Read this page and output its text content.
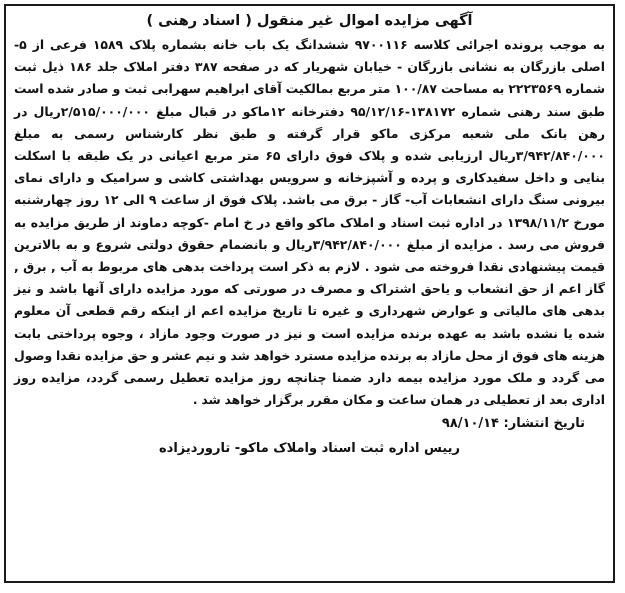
آگهی مزایده اموال غیر منقول ( اسناد رهنی )

به موجب پرونده اجرائی کلاسه ۹۷۰۰۱۱۶ ششدانگ یک باب خانه بشماره پلاک ۱۵۸۹ فرعی از ۵- اصلی بازرگان به نشانی بازرگان - خیابان شهریار که در صفحه ۳۸۷ دفتر املاک جلد ۱۸۶ ذیل ثبت شماره ۲۲۲۳۵۶۹ به مساحت ۱۰۰/۸۷ متر مربع بمالکیت آقای ابراهیم سهرابی ثبت و صادر شده است طبق سند رهنی شماره ۱۳۸۱۷۲-۹۵/۱۲/۱۶ دفترخانه ۱۲ماکو در قبال مبلغ ۲/۵۱۵/۰۰۰/۰۰۰ریال در رهن بانک ملی شعبه مرکزی ماکو قرار گرفته و طبق نظر کارشناس رسمی به مبلغ ۳/۹۴۲/۸۴۰/۰۰۰ریال ارزیابی شده و پلاک فوق دارای ۶۵ متر مربع اعیانی در یک طبقه با اسکلت بنایی و داخل سفیدکاری و پرده و آشپزخانه و سرویس بهداشتی کاشی و سرامیک و دارای نمای بیرونی سنگ دارای انشعابات آب- گاز - برق می باشد. پلاک فوق از ساعت ۹ الی ۱۲ روز چهارشنبه مورخ ۱۳۹۸/۱۱/۲ در اداره ثبت اسناد و املاک ماکو واقع در خ امام -کوچه دماوند از طریق مزایده به فروش می رسد . مزایده از مبلغ ۳/۹۴۲/۸۴۰/۰۰۰ریال و بانضمام حقوق دولتی شروع و به بالاترین قیمت پیشنهادی نقدا فروخته می شود . لازم به ذکر است پرداخت بدهی های مربوط به آب , برق , گاز اعم از حق انشعاب و یاحق اشتراک و مصرف در صورتی که مورد مزایده دارای آنها باشد و نیز بدهی های مالیاتی و عوارض شهرداری و غیره تا تاریخ مزایده اعم از اینکه رقم قطعی آن معلوم شده یا نشده باشد به عهده برنده مزایده است و نیز در صورت وجود مازاد ، وجوه پرداختی بابت هزینه های فوق از محل مازاد به برنده مزایده مسترد خواهد شد و نیم عشر و حق مزایده نقدا وصول می گردد و ملک مورد مزایده بیمه دارد ضمنا چنانچه روز مزایده تعطیل رسمی گردد، مزایده روز اداری بعد از تعطیلی در همان ساعت و مکان مقرر برگزار خواهد شد .

تاریخ انتشار: ۹۸/۱۰/۱۴
رییس اداره ثبت اسناد واملاک ماکو- تارورديزاده
